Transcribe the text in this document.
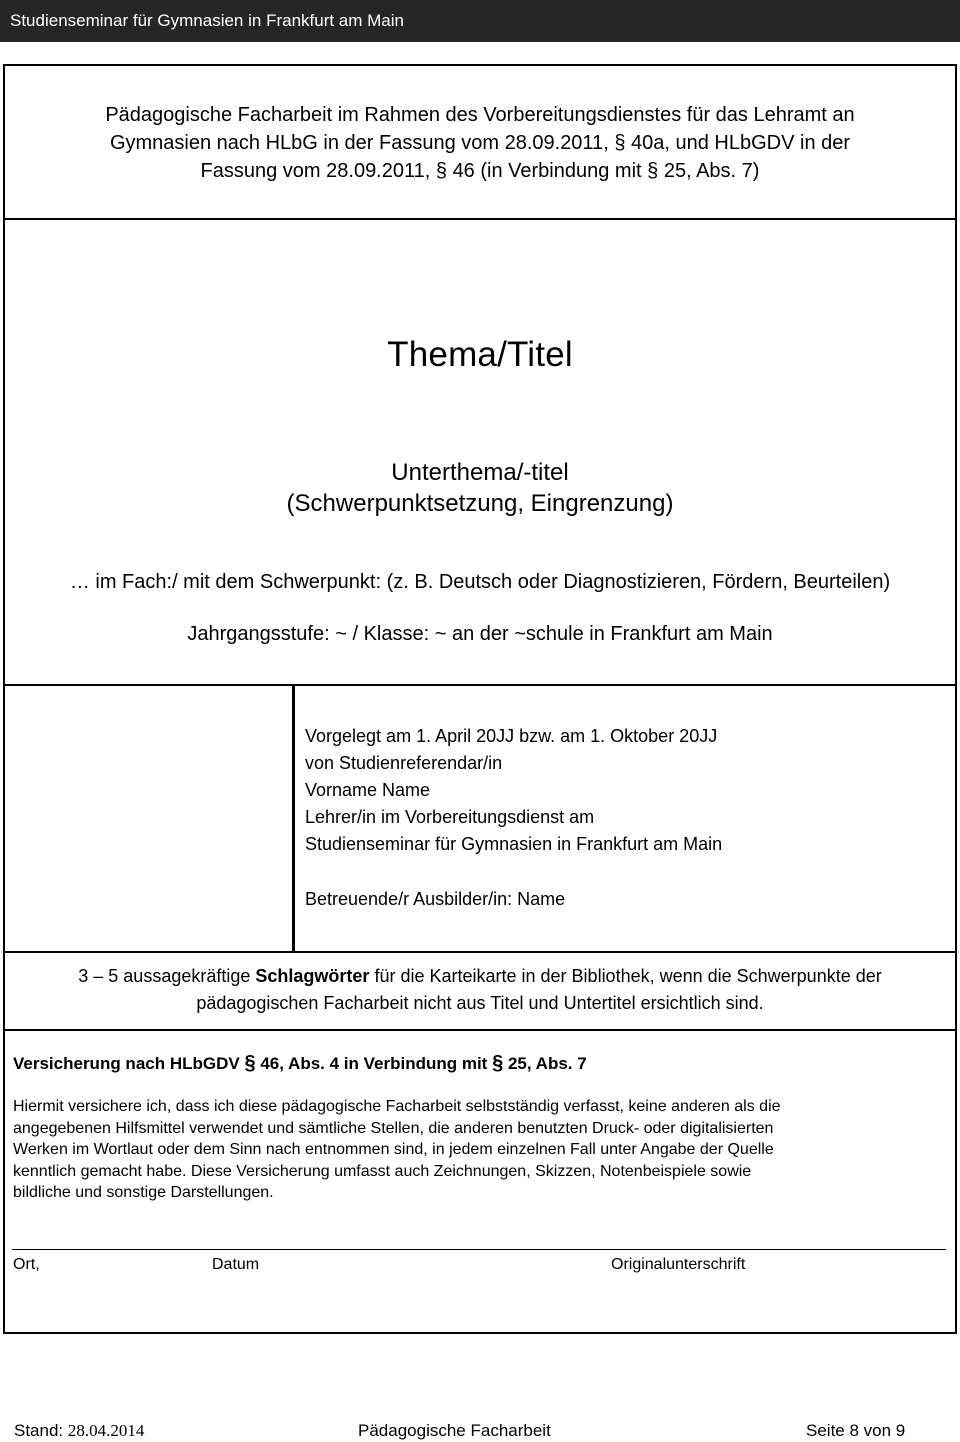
Studienseminar für Gymnasien in Frankfurt am Main
Pädagogische Facharbeit im Rahmen des Vorbereitungsdienstes für das Lehramt an
Gymnasien nach HLbG in der Fassung vom 28.09.2011, § 40a, und HLbGDV in der
Fassung vom 28.09.2011, § 46 (in Verbindung mit § 25, Abs. 7)
Thema/Titel
Unterthema/-titel
(Schwerpunktsetzung, Eingrenzung)
… im Fach:/ mit dem Schwerpunkt: (z. B. Deutsch oder Diagnostizieren, Fördern, Beurteilen)
Jahrgangsstufe: ~ / Klasse: ~ an der ~schule in Frankfurt am Main
Vorgelegt am 1. April 20JJ bzw. am 1. Oktober 20JJ
von Studienreferendar/in
Vorname Name
Lehrer/in im Vorbereitungsdienst am
Studienseminar für Gymnasien in Frankfurt am Main
Betreuende/r Ausbilder/in: Name
3 – 5 aussagekräftige Schlagwörter für die Karteikarte in der Bibliothek, wenn die Schwerpunkte der
pädagogischen Facharbeit nicht aus Titel und Untertitel ersichtlich sind.
Versicherung nach HLbGDV § 46, Abs. 4 in Verbindung mit § 25, Abs. 7
Hiermit versichere ich, dass ich diese pädagogische Facharbeit selbstständig verfasst, keine anderen als die
angegebenen Hilfsmittel verwendet und sämtliche Stellen, die anderen benutzten Druck- oder digitalisierten
Werken im Wortlaut oder dem Sinn nach entnommen sind, in jedem einzelnen Fall unter Angabe der Quelle
kenntlich gemacht habe. Diese Versicherung umfasst auch Zeichnungen, Skizzen, Notenbeispiele sowie
bildliche und sonstige Darstellungen.
Ort,	Datum	Originalunterschrift
Stand: 28.04.2014	Pädagogische Facharbeit	Seite 8 von 9
